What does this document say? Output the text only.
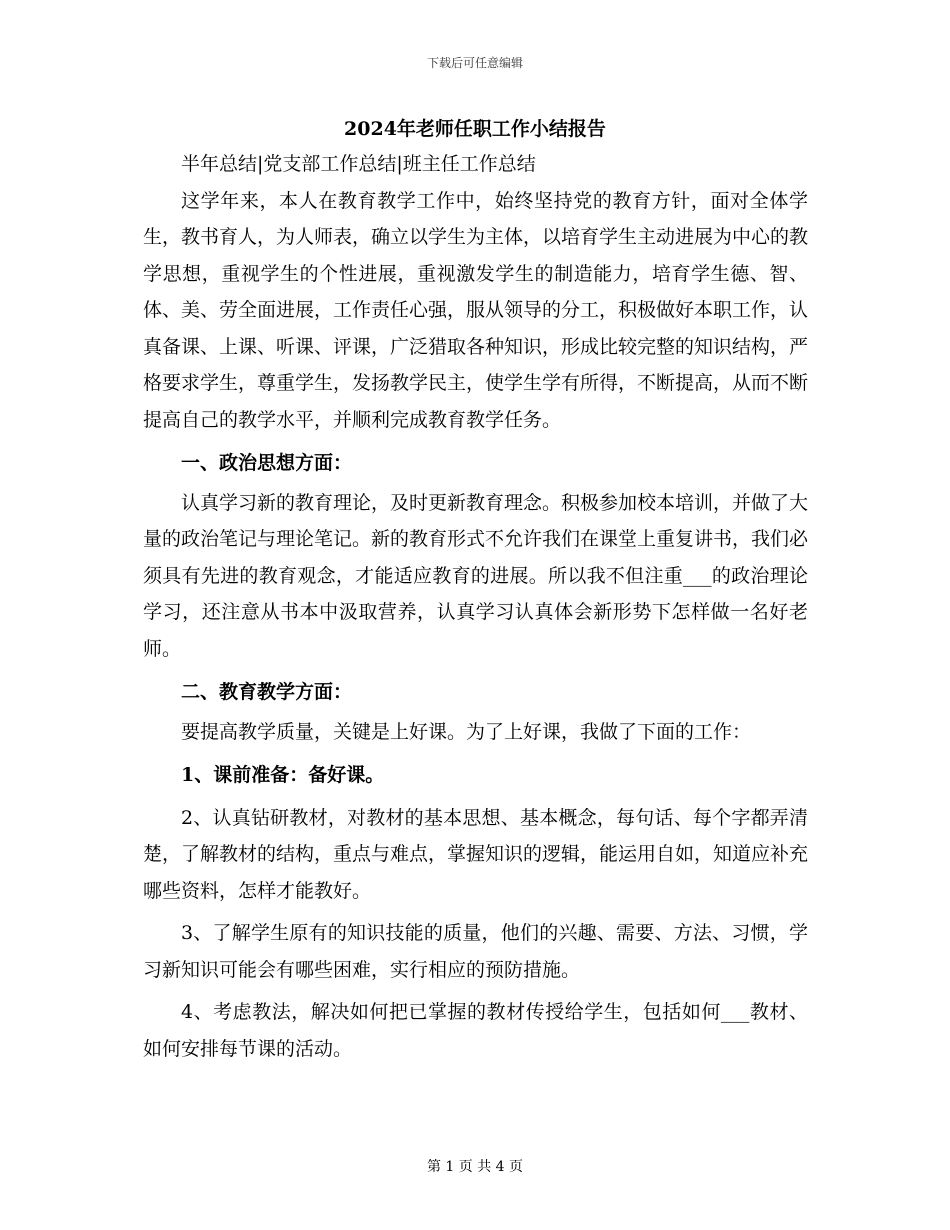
下载后可任意编辑
2024年老师任职工作小结报告

半年总结|党支部工作总结|班主任工作总结

这学年来，本人在教育教学工作中，始终坚持党的教育方针，面对全体学生，教书育人，为人师表，确立以学生为主体，以培育学生主动进展为中心的教学思想，重视学生的个性进展，重视激发学生的制造能力，培育学生德、智、体、美、劳全面进展，工作责任心强，服从领导的分工，积极做好本职工作，认真备课、上课、听课、评课，广泛猎取各种知识，形成比较完整的知识结构，严格要求学生，尊重学生，发扬教学民主，使学生学有所得，不断提高，从而不断提高自己的教学水平，并顺利完成教育教学任务。

一、政治思想方面：

认真学习新的教育理论，及时更新教育理念。积极参加校本培训，并做了大量的政治笔记与理论笔记。新的教育形式不允许我们在课堂上重复讲书，我们必须具有先进的教育观念，才能适应教育的进展。所以我不但注重___的政治理论学习，还注意从书本中汲取营养，认真学习认真体会新形势下怎样做一名好老师。

二、教育教学方面：

要提高教学质量，关键是上好课。为了上好课，我做了下面的工作：

1、课前准备：备好课。

2、认真钻研教材，对教材的基本思想、基本概念，每句话、每个字都弄清楚，了解教材的结构，重点与难点，掌握知识的逻辑，能运用自如，知道应补充哪些资料，怎样才能教好。

3、了解学生原有的知识技能的质量，他们的兴趣、需要、方法、习惯，学习新知识可能会有哪些困难，实行相应的预防措施。

4、考虑教法，解决如何把已掌握的教材传授给学生，包括如何___教材、如何安排每节课的活动。

第 1 页 共 4 页
